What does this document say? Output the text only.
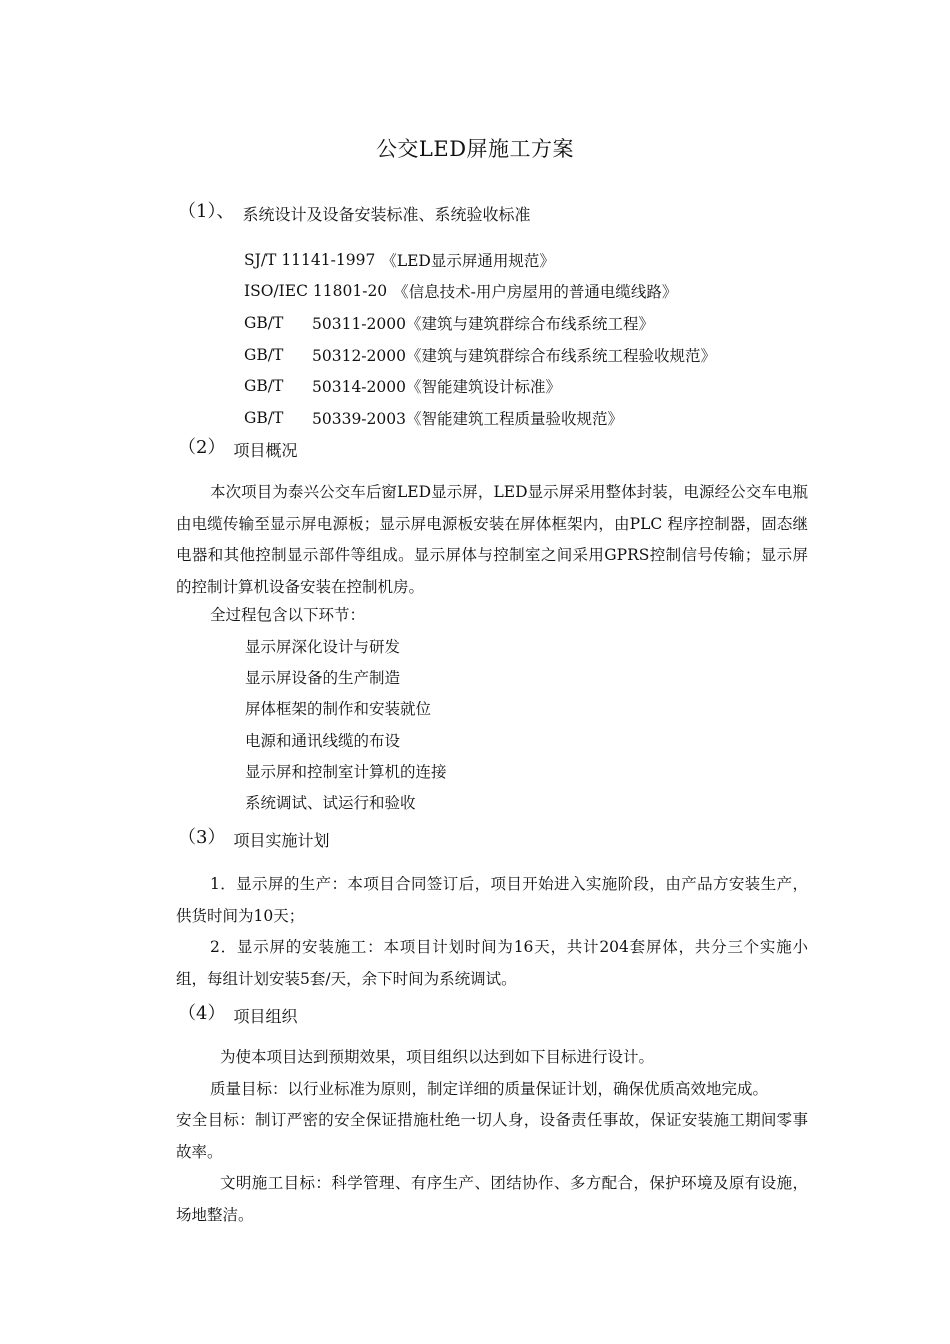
公交LED屏施工方案
（1）、 系统设计及设备安装标准、系统验收标准
SJ/T 11141-1997 《LED显示屏通用规范》
ISO/IEC 11801-20 《信息技术-用户房屋用的普通电缆线路》
GB/T	50311-2000《建筑与建筑群综合布线系统工程》
GB/T	50312-2000《建筑与建筑群综合布线系统工程验收规范》
GB/T	50314-2000《智能建筑设计标准》
GB/T	50339-2003《智能建筑工程质量验收规范》
（2） 项目概况

本次项目为泰兴公交车后窗LED显示屏，LED显示屏采用整体封装，电源经公交车电瓶由电缆传输至显示屏电源板；显示屏电源板安装在屏体框架内，由PLC 程序控制器，固态继电器和其他控制显示部件等组成。显示屏体与控制室之间采用GPRS控制信号传输；显示屏的控制计算机设备安装在控制机房。

全过程包含以下环节：
显示屏深化设计与研发
显示屏设备的生产制造
屏体框架的制作和安装就位
电源和通讯线缆的布设
显示屏和控制室计算机的连接
系统调试、试运行和验收
（3） 项目实施计划

1．显示屏的生产：本项目合同签订后，项目开始进入实施阶段，由产品方安装生产，供货时间为10天；

2．显示屏的安装施工：本项目计划时间为16天，共计204套屏体，共分三个实施小组，每组计划安装5套/天，余下时间为系统调试。

（4） 项目组织
为使本项目达到预期效果，项目组织以达到如下目标进行设计。
质量目标：以行业标准为原则，制定详细的质量保证计划，确保优质高效地完成。

安全目标：制订严密的安全保证措施杜绝一切人身，设备责任事故，保证安装施工期间零事故率。

文明施工目标：科学管理、有序生产、团结协作、多方配合，保护环境及原有设施，场地整洁。
